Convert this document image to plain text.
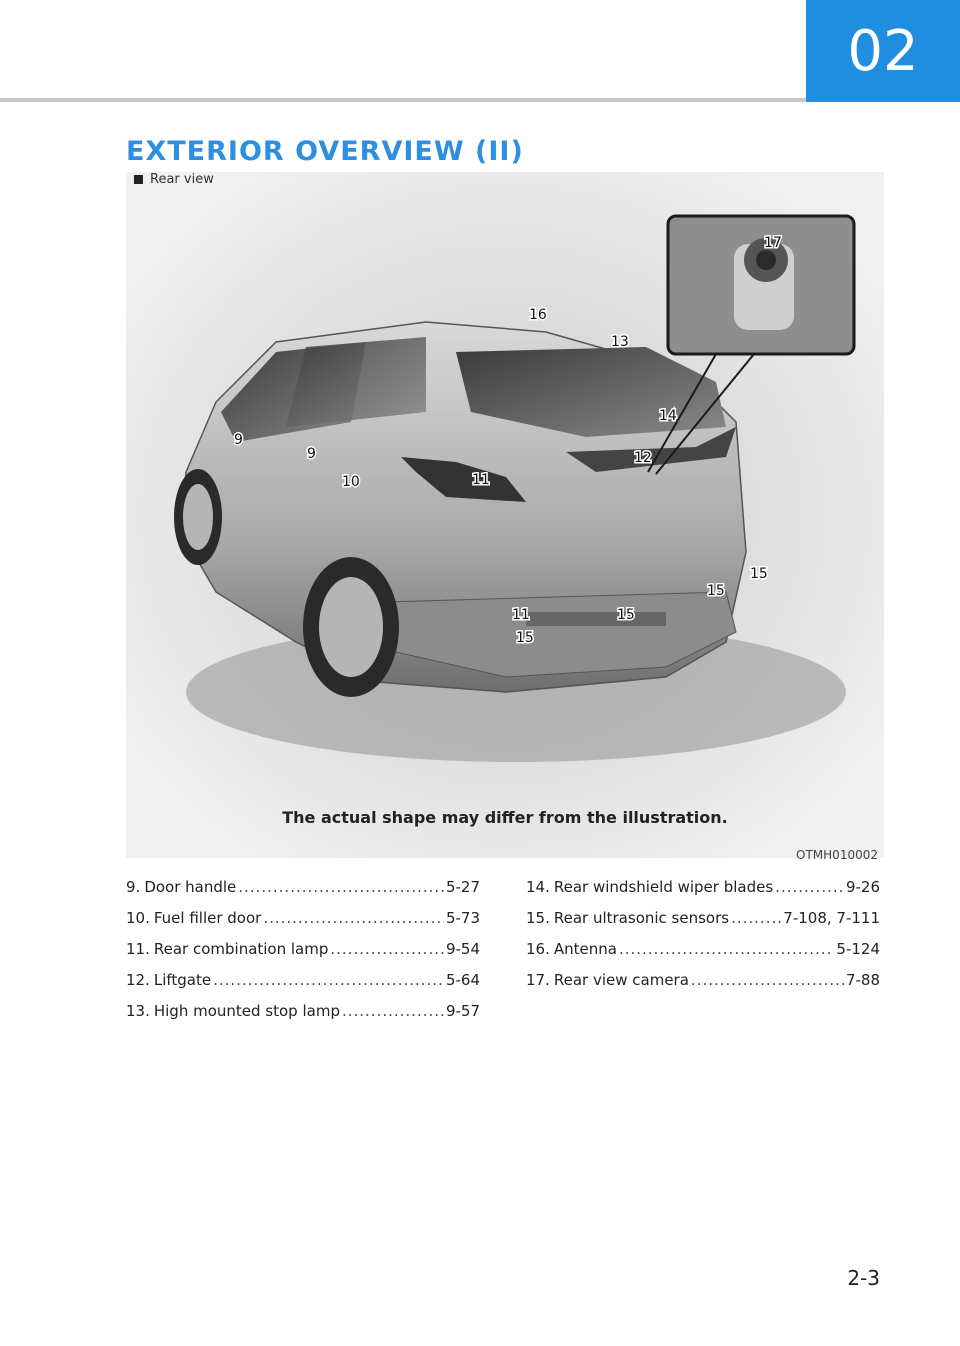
02
EXTERIOR OVERVIEW (II)
9
9
10	11
11
12
13
14
15
15
15
15
16
17
Rear view
The actual shape may differ from the illustration.
OTMH010002
9. Door handle .....	5-27
10. Fuel filler door .....	5-73
11. Rear combination lamp .....	9-54
12. Liftgate .....	5-64
13. High mounted stop lamp .....	9-57
14. Rear windshield wiper blades .....	9-26
15. Rear ultrasonic sensors .....	7-108, 7-111
16. Antenna .....	5-124
17. Rear view camera .....	7-88
2-3
